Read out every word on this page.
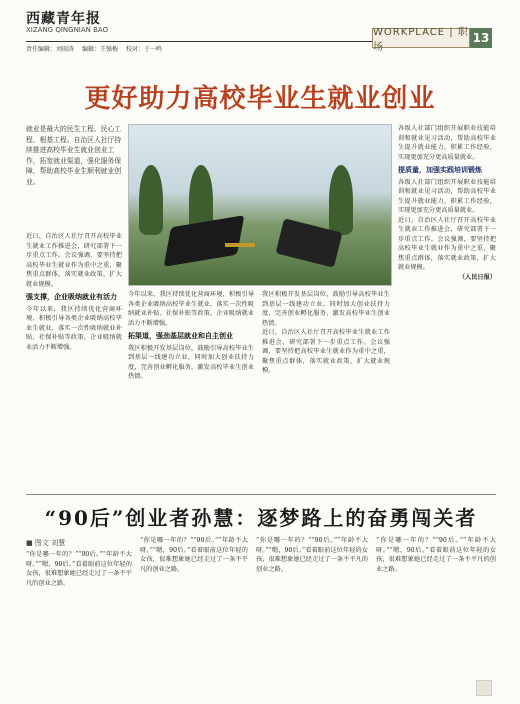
西藏青年报
XIZANG QINGNIAN BAO
责任编辑：刘雨涛 编辑：王强梅 校对：于一鸣
WORKPLACE | 职场
13
更好助力高校毕业生就业创业
就业是最大的民生工程、民心工程、根基工程。自治区人社厅持续推进高校毕业生就业创业工作，拓宽就业渠道，强化服务保障，帮助高校毕业生顺利就业创业。
近日，自治区人社厅召开高校毕业生就业工作推进会，研究部署下一步重点工作。会议强调，要坚持把高校毕业生就业作为重中之重，聚焦重点群体，落实就业政策，扩大就业规模。
强支撑，企业吸纳就业有活力
今年以来，我区持续优化营商环境，积极引导各类企业吸纳高校毕业生就业，落实一次性吸纳就业补贴、社保补贴等政策，企业吸纳就业活力不断增强。
今年以来，我区持续优化营商环境，积极引导各类企业吸纳高校毕业生就业，落实一次性吸纳就业补贴、社保补贴等政策，企业吸纳就业活力不断增强。
拓渠道，强劲基层就业和自主创业
我区积极开发基层岗位，鼓励引导高校毕业生到基层一线建功立业，同时加大创业扶持力度，完善创业孵化服务，激发高校毕业生创业热情。
我区积极开发基层岗位，鼓励引导高校毕业生到基层一线建功立业，同时加大创业扶持力度，完善创业孵化服务，激发高校毕业生创业热情。
近日，自治区人社厅召开高校毕业生就业工作推进会，研究部署下一步重点工作。会议强调，要坚持把高校毕业生就业作为重中之重，聚焦重点群体，落实就业政策，扩大就业规模。
各级人社部门组织开展职业技能培训和就业见习活动，帮助高校毕业生提升就业能力，积累工作经验，实现更加充分更高质量就业。
提质量，加强实践培训锻炼
各级人社部门组织开展职业技能培训和就业见习活动，帮助高校毕业生提升就业能力，积累工作经验，实现更加充分更高质量就业。
近日，自治区人社厅召开高校毕业生就业工作推进会，研究部署下一步重点工作。会议强调，要坚持把高校毕业生就业作为重中之重，聚焦重点群体，落实就业政策，扩大就业规模。
（人民日报）
“90后”创业者孙慧：逐梦路上的奋勇闯关者
■ 图文 刘慧
“你是哪一年的？”“90后。”“年龄不大呀。”“嗯，90后。”看着眼前这位年轻的女孩，很难想象她已经走过了一条不平凡的创业之路。
“你是哪一年的？”“90后。”“年龄不大呀。”“嗯，90后。”看着眼前这位年轻的女孩，很难想象她已经走过了一条不平凡的创业之路。
“你是哪一年的？”“90后。”“年龄不大呀。”“嗯，90后。”看着眼前这位年轻的女孩，很难想象她已经走过了一条不平凡的创业之路。
“你是哪一年的？”“90后。”“年龄不大呀。”“嗯，90后。”看着眼前这位年轻的女孩，很难想象她已经走过了一条不平凡的创业之路。
